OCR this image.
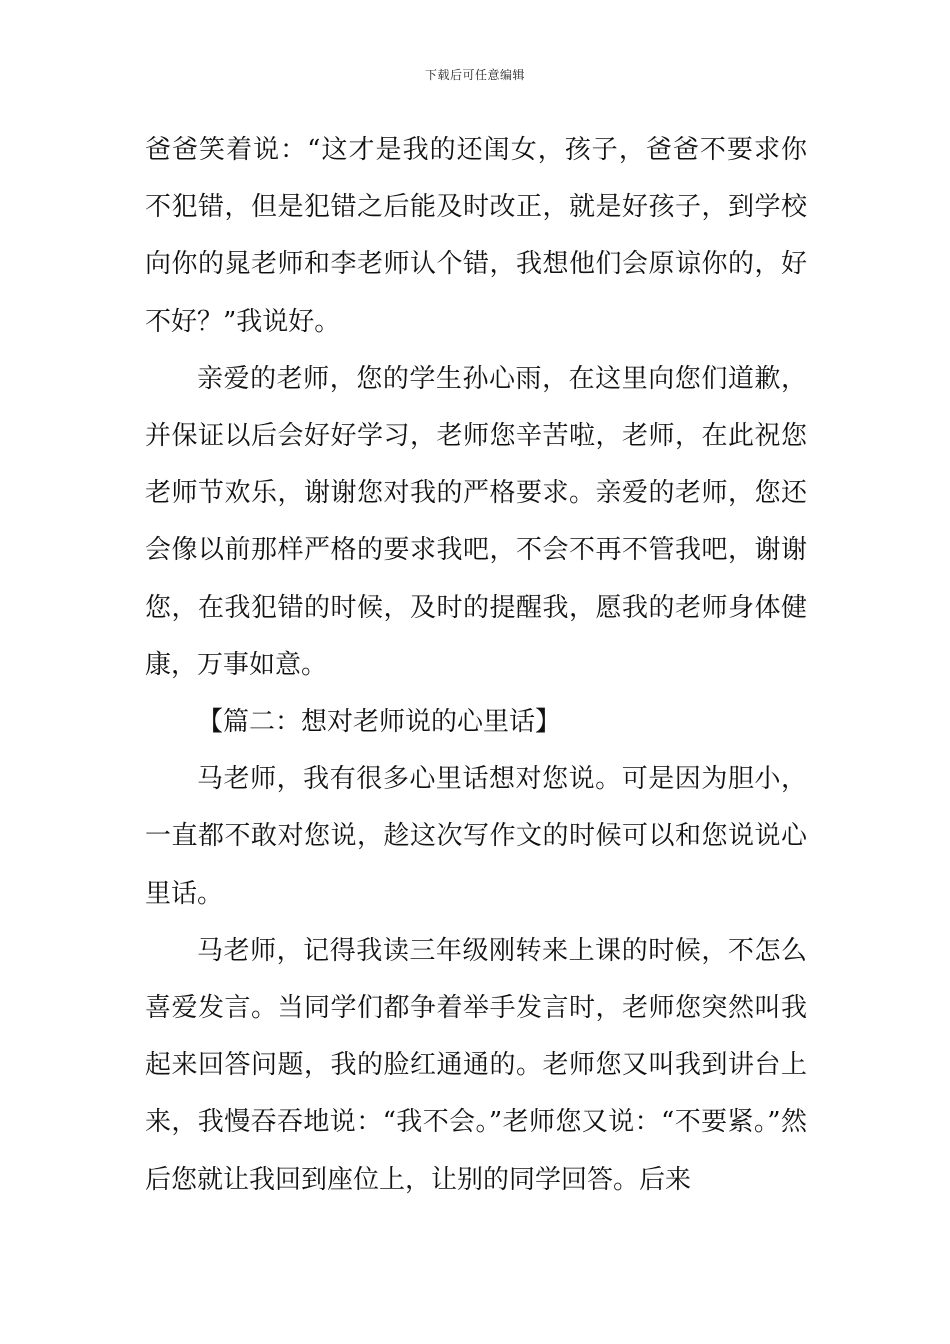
下载后可任意编辑

爸爸笑着说：“这才是我的还闺女，孩子，爸爸不要求你不犯错，但是犯错之后能及时改正，就是好孩子，到学校向你的晁老师和李老师认个错，我想他们会原谅你的，好不好？”我说好。

亲爱的老师，您的学生孙心雨，在这里向您们道歉，并保证以后会好好学习，老师您辛苦啦，老师，在此祝您老师节欢乐，谢谢您对我的严格要求。亲爱的老师，您还会像以前那样严格的要求我吧，不会不再不管我吧，谢谢您，在我犯错的时候，及时的提醒我，愿我的老师身体健康，万事如意。

【篇二：想对老师说的心里话】

马老师，我有很多心里话想对您说。可是因为胆小，一直都不敢对您说，趁这次写作文的时候可以和您说说心里话。

马老师，记得我读三年级刚转来上课的时候，不怎么喜爱发言。当同学们都争着举手发言时，老师您突然叫我起来回答问题，我的脸红通通的。老师您又叫我到讲台上来，我慢吞吞地说：“我不会。”老师您又说：“不要紧。”然后您就让我回到座位上，让别的同学回答。后来
